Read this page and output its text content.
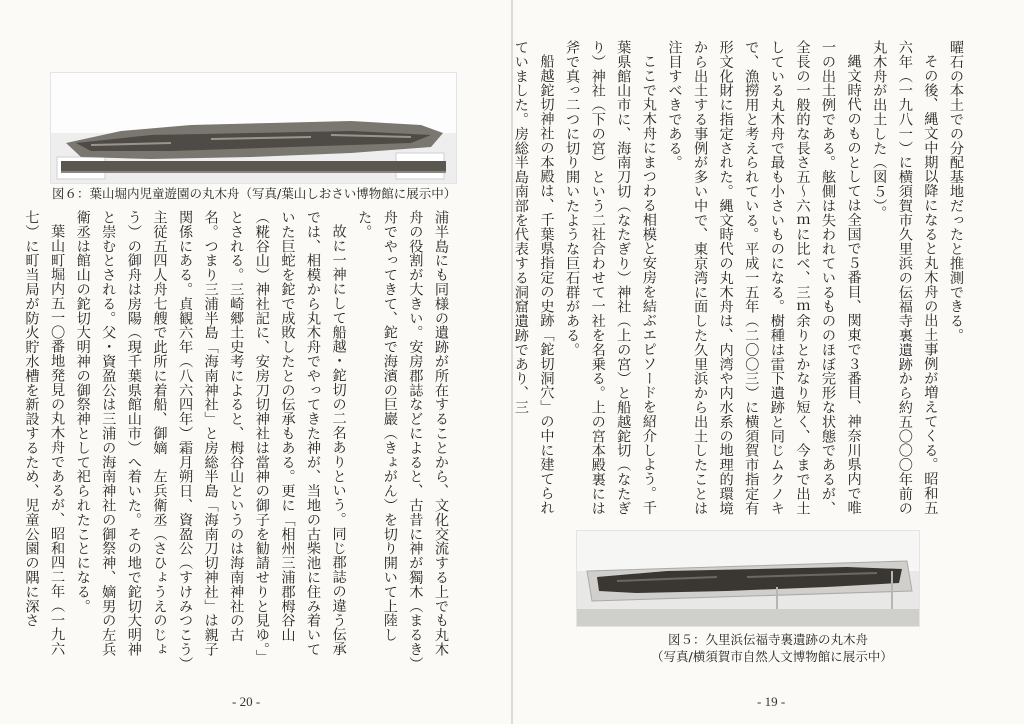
図６：葉山堀内児童遊園の丸木舟（写真/葉山しおさい博物館に展示中）

浦半島にも同様の遺跡が所在することから、文化交流する上でも丸木舟の役割が大きい。安房郡誌などによると、古昔に神が獨木（まるき）舟でやってきて、鉈で海濱の巨巖（きょがん）を切り開いて上陸した。

故に一神にして船越・鉈切の二名ありという。同じ郡誌の違う伝承では、相模から丸木舟でやってきた神が、当地の古柴池に住み着いていた巨蛇を鉈で成敗したとの伝承もある。更に「相州三浦郡栂谷山（糀谷山）神社記に、安房刀切神社は當神の御子を勧請せりと見ゆ。」とされる。三崎郷土史考によると、栂谷山というのは海南神社の古名。つまり三浦半島「海南神社」と房総半島「海南刀切神社」は親子関係にある。貞観六年（八六四年）霜月朔日、資盈公（すけみつこう）主従五四人舟七艘で此所に着船、御嫡　左兵衛丞（さひょうえのじょう）の御舟は房陽（現千葉県館山市）へ着いた。その地で鉈切大明神と崇むとされる。父・資盈公は三浦の海南神社の御祭神、嫡男の左兵衛丞は館山の鉈切大明神の御祭神として祀られたことになる。

葉山町堀内五一〇番地発見の丸木舟であるが、昭和四二年（一九六七）に町当局が防火貯水槽を新設するため、児童公園の隅に深さ

- 20 -

曜石の本土での分配基地だったと推測できる。

その後、縄文中期以降になると丸木舟の出土事例が増えてくる。昭和五六年（一九八一）に横須賀市久里浜の伝福寺裏遺跡から約五〇〇〇年前の丸木舟が出土した（図５）。

縄文時代のものとしては全国で５番目、関東で３番目、神奈川県内で唯一の出土例である。舷側は失われているもののほぼ完形な状態であるが、全長の一般的な長さ五～六ｍに比べ、三ｍ余りとかなり短く、今まで出土している丸木舟で最も小さいものになる。樹種は雷下遺跡と同じムクノキで、漁撈用と考えられている。平成一五年（二〇〇三）に横須賀市指定有形文化財に指定された。縄文時代の丸木舟は、内湾や内水系の地理的環境から出土する事例が多い中で、東京湾に面した久里浜から出土したことは注目すべきである。

ここで丸木舟にまつわる相模と安房を結ぶエピソードを紹介しよう。千葉県館山市に、海南刀切（なたぎり）神社（上の宮）と船越鉈切（なたぎり）神社（下の宮）という二社合わせて一社を名乗る。上の宮本殿裏には斧で真っ二つに切り開いたような巨石群がある。

船越鉈切神社の本殿は、千葉県指定の史跡「鉈切洞穴」の中に建てられていました。房総半島南部を代表する洞窟遺跡であり、三

図５：久里浜伝福寺裏遺跡の丸木舟
（写真/横須賀市自然人文博物館に展示中）
- 19 -
